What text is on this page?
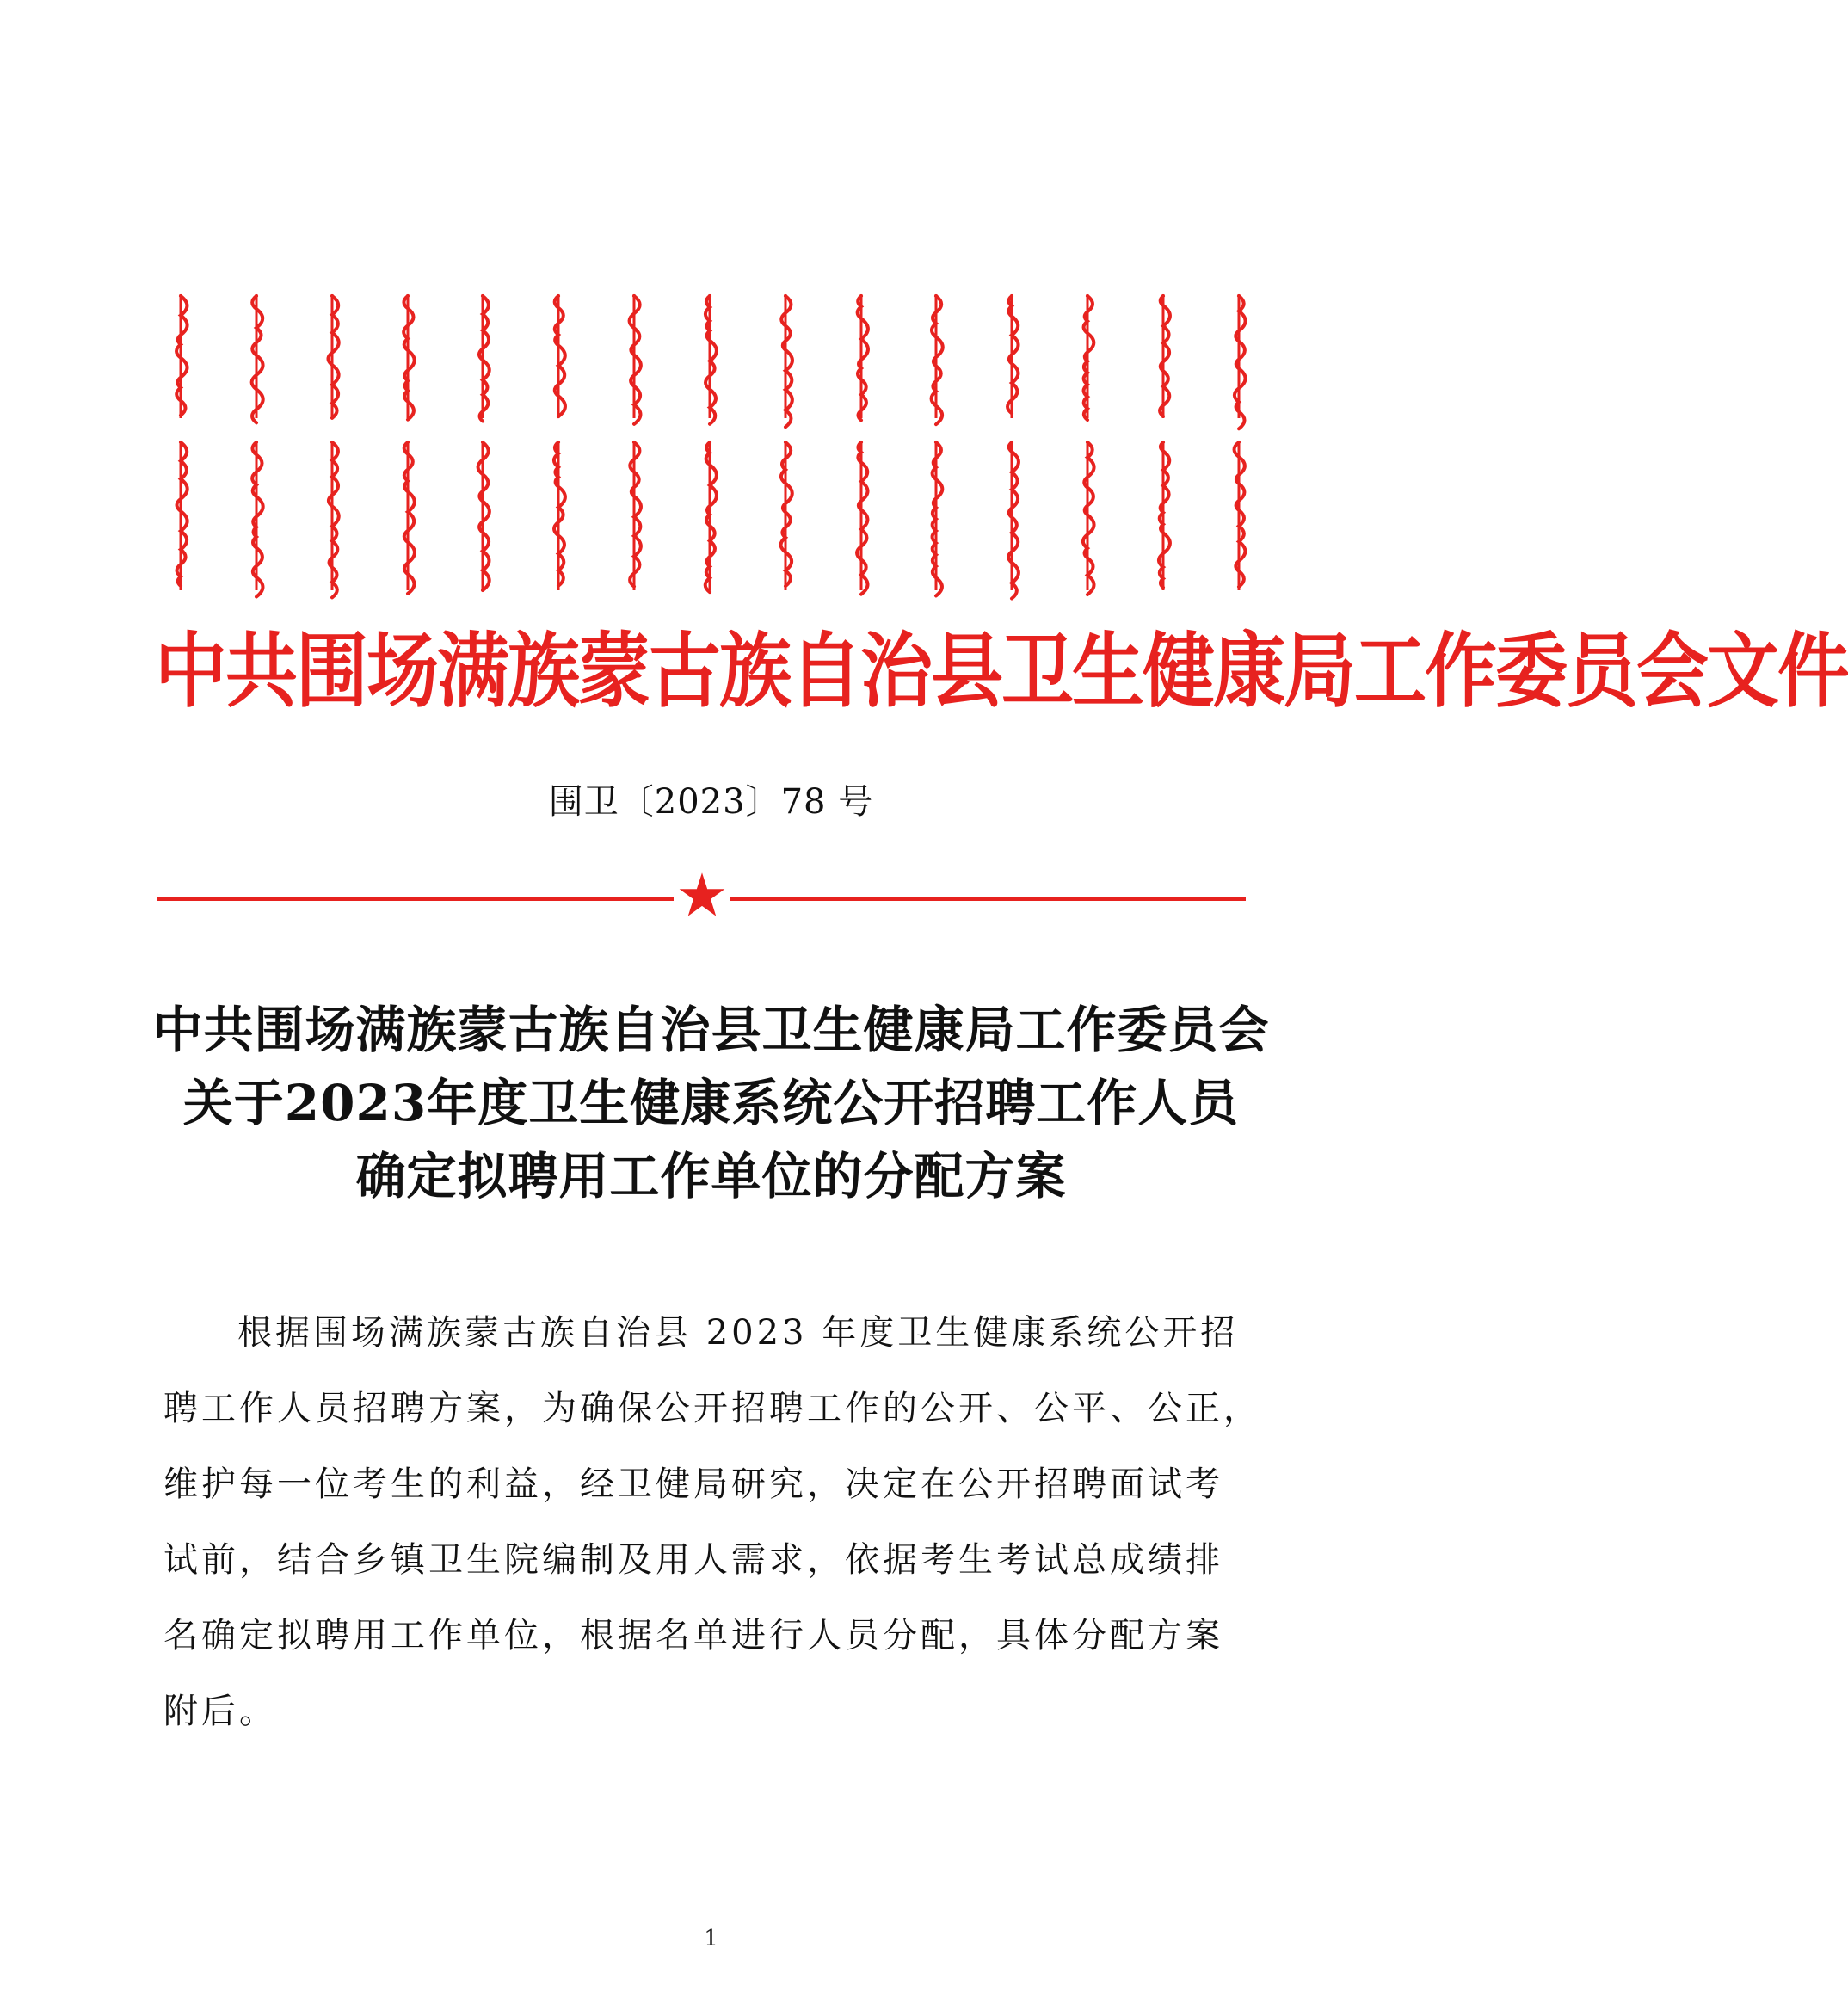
中共围场满族蒙古族自治县卫生健康局工作委员会文件
围卫〔2023〕78 号
中共围场满族蒙古族自治县卫生健康局工作委员会
关于2023年度卫生健康系统公开招聘工作人员
确定拟聘用工作单位的分配方案
根据围场满族蒙古族自治县 2023 年度卫生健康系统公开招
聘工作人员招聘方案，为确保公开招聘工作的公开、公平、公正，
维护每一位考生的利益，经卫健局研究，决定在公开招聘面试考
试前，结合乡镇卫生院编制及用人需求，依据考生考试总成绩排
名确定拟聘用工作单位，根据名单进行人员分配，具体分配方案
附后。
1
